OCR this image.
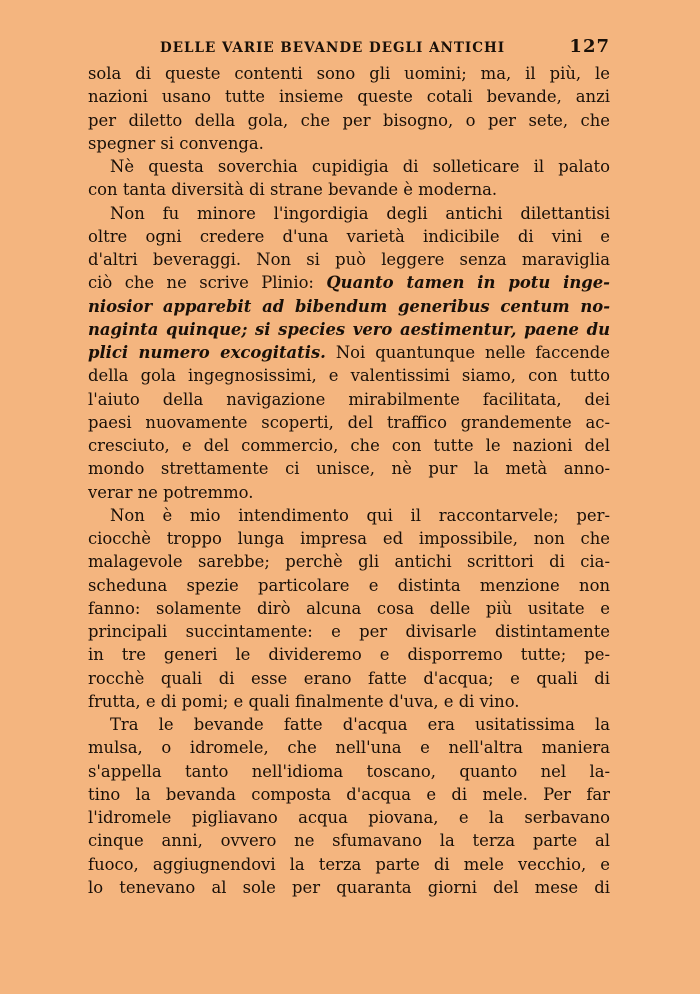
DELLE VARIE BEVANDE DEGLI ANTICHI	127
sola di queste contenti sono gli uomini; ma, il più, le
nazioni usano tutte insieme queste cotali bevande, anzi
per diletto della gola, che per bisogno, o per sete, che
spegner si convenga.
Nè questa soverchia cupidigia di solleticare il palato
con tanta diversità di strane bevande è moderna.
Non fu minore l'ingordigia degli antichi dilettantisi
oltre ogni credere d'una varietà indicibile di vini e
d'altri beveraggi. Non si può leggere senza maraviglia
ciò che ne scrive Plinio: Quanto tamen in potu inge-
niosior apparebit ad bibendum generibus centum no-
naginta quinque; si species vero aestimentur, paene du
plici numero excogitatis. Noi quantunque nelle faccende
della gola ingegnosissimi, e valentissimi siamo, con tutto
l'aiuto della navigazione mirabilmente facilitata, dei
paesi nuovamente scoperti, del traffico grandemente ac-
cresciuto, e del commercio, che con tutte le nazioni del
mondo strettamente ci unisce, nè pur la metà anno-
verar ne potremmo.
Non è mio intendimento qui il raccontarvele; per-
ciocchè troppo lunga impresa ed impossibile, non che
malagevole sarebbe; perchè gli antichi scrittori di cia-
scheduna spezie particolare e distinta menzione non
fanno: solamente dirò alcuna cosa delle più usitate e
principali succintamente: e per divisarle distintamente
in tre generi le divideremo e disporremo tutte; pe-
rocchè quali di esse erano fatte d'acqua; e quali di
frutta, e di pomi; e quali finalmente d'uva, e di vino.
Tra le bevande fatte d'acqua era usitatissima la
mulsa, o idromele, che nell'una e nell'altra maniera
s'appella tanto nell'idioma toscano, quanto nel la-
tino la bevanda composta d'acqua e di mele. Per far
l'idromele pigliavano acqua piovana, e la serbavano
cinque anni, ovvero ne sfumavano la terza parte al
fuoco, aggiugnendovi la terza parte di mele vecchio, e
lo tenevano al sole per quaranta giorni del mese di
